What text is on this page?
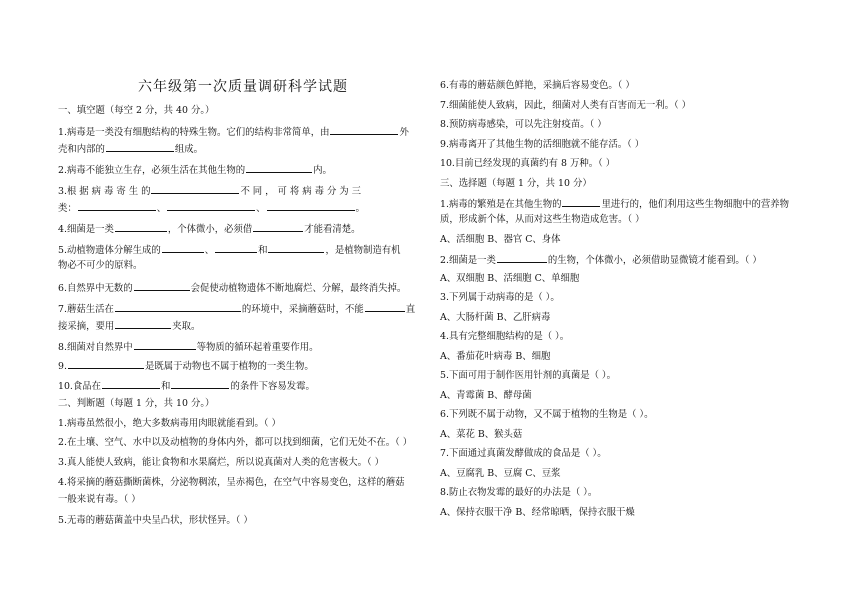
六年级第一次质量调研科学试题
一、填空题（每空 2 分，共 40 分。）
1.病毒是一类没有细胞结构的特殊生物。它们的结构非常简单，由	外
壳和内部的	组成。
2.病毒不能独立生存，必须生活在其他生物的	内。
3.根 据 病 毒 寄 生 的	不 同 ， 可 将 病 毒 分 为 三
类：	、	、	。
4.细菌是一类	，个体微小，必须借	才能看清楚。
5.动植物遗体分解生成的	、	和	，是植物制造有机
物必不可少的原料。
6.自然界中无数的	会促使动植物遗体不断地腐烂、分解，最终消失掉。
7.蘑菇生活在	的环境中，采摘蘑菇时，不能	直
接采摘，要用	夹取。
8.细菌对自然界中	等物质的循环起着重要作用。
9.	是既属于动物也不属于植物的一类生物。
10.食品在	和	的条件下容易发霉。
二、判断题（每题 1 分，共 10 分。）
1.病毒虽然很小，绝大多数病毒用肉眼就能看到。（ ）
2.在土壤、空气、水中以及动植物的身体内外，都可以找到细菌，它们无处不在。（ ）
3.真人能使人致病，能让食物和水果腐烂，所以说真菌对人类的危害极大。（ ）
4.将采摘的蘑菇撕断菌株，分泌物稠浓，呈赤褐色，在空气中容易变色，这样的蘑菇
一般来说有毒。（ ）
5.无毒的蘑菇菌盖中央呈凸状，形状怪异。（ ）
6.有毒的蘑菇颜色鲜艳，采摘后容易变色。（ ）
7.细菌能使人致病，因此，细菌对人类有百害而无一利。（ ）
8.预防病毒感染，可以先注射疫苗。（ ）
9.病毒离开了其他生物的活细胞就不能存活。（ ）
10.目前已经发现的真菌约有 8 万种。（ ）
三、选择题（每题 1 分，共 10 分）
1.病毒的繁殖是在其他生物的	里进行的，他们利用这些生物细胞中的营养物
质，形成新个体，从而对这些生物造成危害。（ ）
A、活细胞 B、器官 C、身体
2.细菌是一类	的生物，个体微小，必须借助显微镜才能看到。（ ）
A、双细胞 B、活细胞 C、单细胞
3.下列属于动病毒的是（ ）。
A、大肠杆菌 B、乙肝病毒
4.具有完整细胞结构的是（ ）。
A、番茄花叶病毒 B、细胞
5.下面可用于制作医用针剂的真菌是（ ）。
A、青霉菌 B、酵母菌
6.下列既不属于动物，又不属于植物的生物是（ ）。
A、菜花 B、猴头菇
7.下面通过真菌发酵做成的食品是（ ）。
A、豆腐乳 B、豆腐 C、豆浆
8.防止衣物发霉的最好的办法是（ ）。
A、保持衣服干净 B、经常晾晒，保持衣服干燥
